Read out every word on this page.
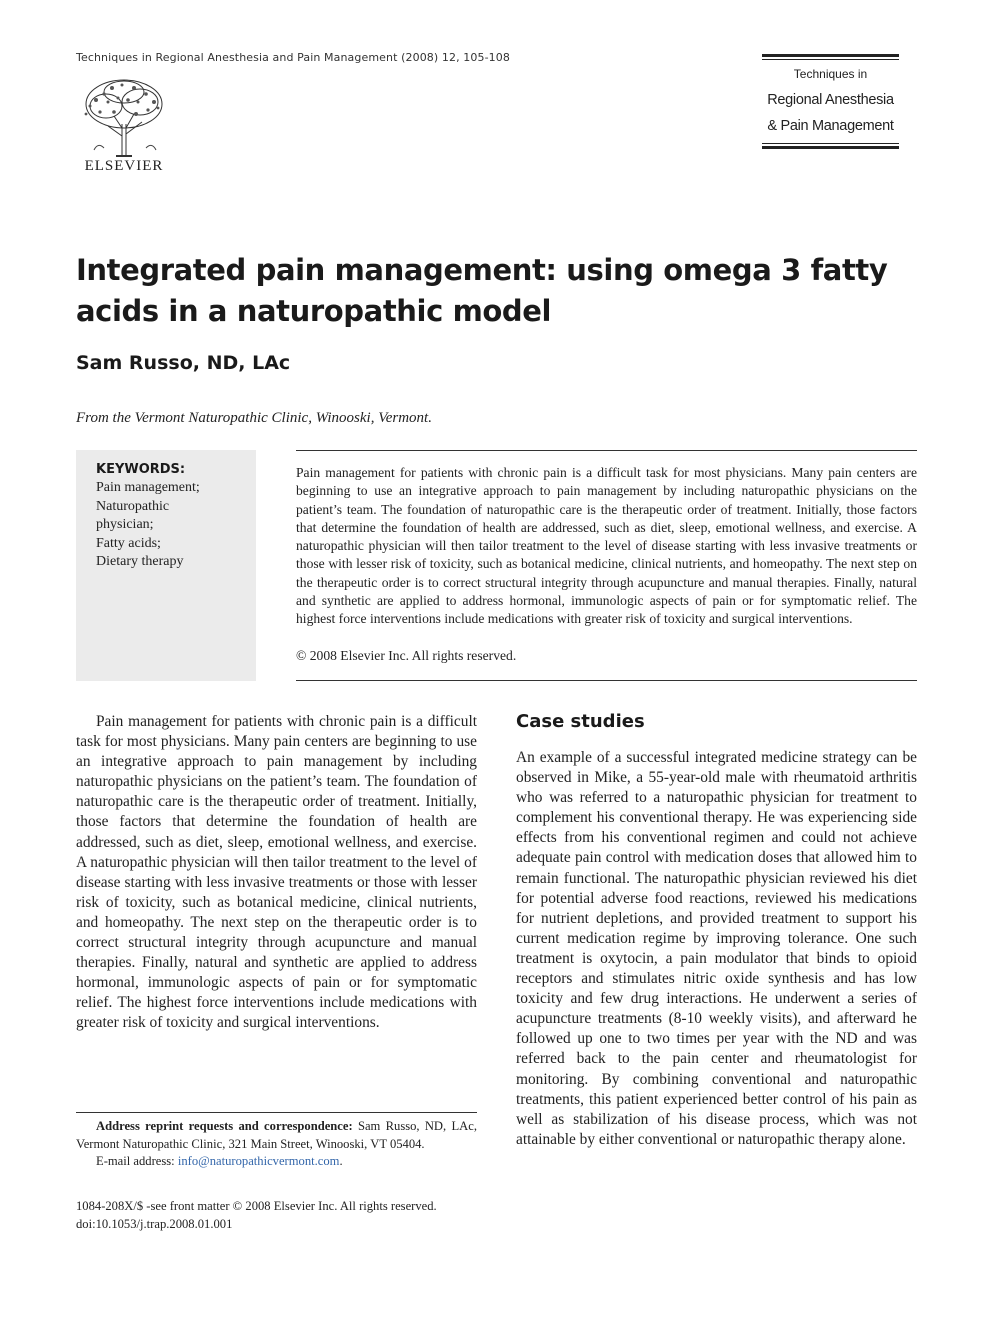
Techniques in Regional Anesthesia and Pain Management (2008) 12, 105-108
ELSEVIER
Techniques in
Regional Anesthesia
& Pain Management
Integrated pain management: using omega 3 fatty acids in a naturopathic model
Sam Russo, ND, LAc
From the Vermont Naturopathic Clinic, Winooski, Vermont.
KEYWORDS:
Pain management;
Naturopathic
physician;
Fatty acids;
Dietary therapy
Pain management for patients with chronic pain is a difficult task for most physicians. Many pain centers are beginning to use an integrative approach to pain management by including naturopathic physicians on the patient’s team. The foundation of naturopathic care is the therapeutic order of treatment. Initially, those factors that determine the foundation of health are addressed, such as diet, sleep, emotional wellness, and exercise. A naturopathic physician will then tailor treatment to the level of disease starting with less invasive treatments or those with lesser risk of toxicity, such as botanical medicine, clinical nutrients, and homeopathy. The next step on the therapeutic order is to correct structural integrity through acupuncture and manual therapies. Finally, natural and synthetic are applied to address hormonal, immunologic aspects of pain or for symptomatic relief. The highest force interventions include medications with greater risk of toxicity and surgical interventions.
© 2008 Elsevier Inc. All rights reserved.
Pain management for patients with chronic pain is a difficult task for most physicians. Many pain centers are beginning to use an integrative approach to pain management by including naturopathic physicians on the patient’s team. The foundation of naturopathic care is the therapeutic order of treatment. Initially, those factors that determine the foundation of health are addressed, such as diet, sleep, emotional wellness, and exercise. A naturopathic physician will then tailor treatment to the level of disease starting with less invasive treatments or those with lesser risk of toxicity, such as botanical medicine, clinical nutrients, and homeopathy. The next step on the therapeutic order is to correct structural integrity through acupuncture and manual therapies. Finally, natural and synthetic are applied to address hormonal, immunologic aspects of pain or for symptomatic relief. The highest force interventions include medications with greater risk of toxicity and surgical interventions.
Case studies
An example of a successful integrated medicine strategy can be observed in Mike, a 55-year-old male with rheumatoid arthritis who was referred to a naturopathic physician for treatment to complement his conventional therapy. He was experiencing side effects from his conventional regimen and could not achieve adequate pain control with medication doses that allowed him to remain functional. The naturopathic physician reviewed his diet for potential adverse food reactions, reviewed his medications for nutrient depletions, and provided treatment to support his current medication regime by improving tolerance. One such treatment is oxytocin, a pain modulator that binds to opioid receptors and stimulates nitric oxide synthesis and has low toxicity and few drug interactions. He underwent a series of acupuncture treatments (8-10 weekly visits), and afterward he followed up one to two times per year with the ND and was referred back to the pain center and rheumatologist for monitoring. By combining conventional and naturopathic treatments, this patient experienced better control of his pain as well as stabilization of his disease process, which was not attainable by either conventional or naturopathic therapy alone.
Address reprint requests and correspondence: Sam Russo, ND, LAc, Vermont Naturopathic Clinic, 321 Main Street, Winooski, VT 05404.
E-mail address: info@naturopathicvermont.com.
1084-208X/$ -see front matter © 2008 Elsevier Inc. All rights reserved.
doi:10.1053/j.trap.2008.01.001
